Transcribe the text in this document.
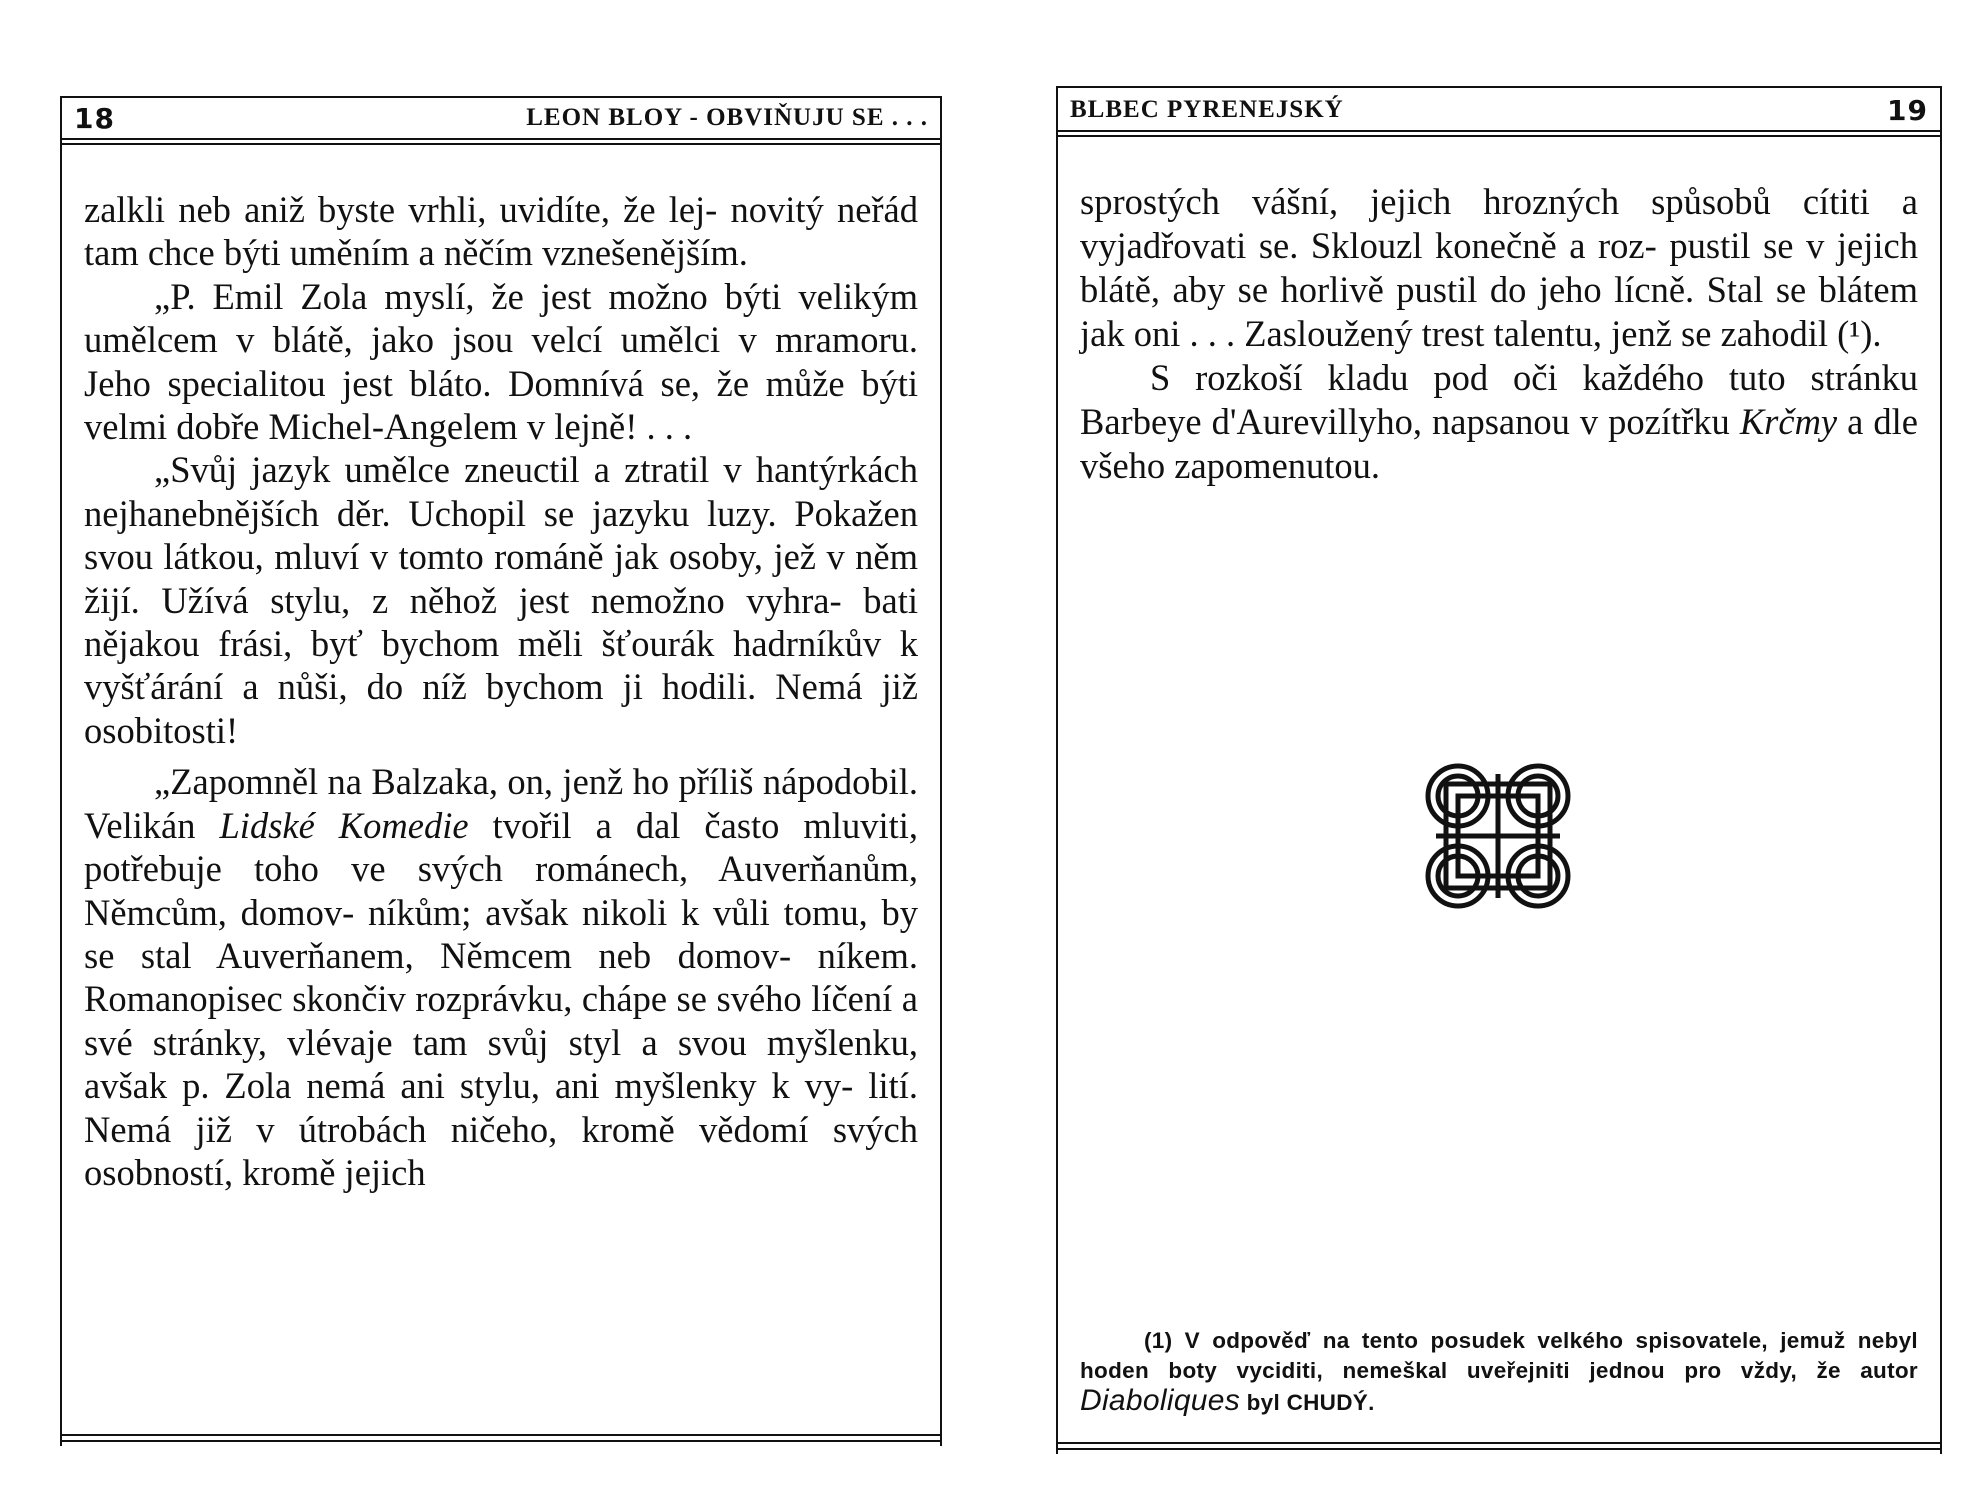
18	LEON BLOY - OBVIŇUJU SE . . .

zalkli neb aniž byste vrhli, uvidíte, že lej- novitý neřád tam chce býti uměním a něčím vznešenějším.

„P. Emil Zola myslí, že jest možno býti velikým umělcem v blátě, jako jsou velcí umělci v mramoru. Jeho specialitou jest bláto. Domnívá se, že může býti velmi dobře Michel-Angelem v lejně! . . .

„Svůj jazyk umělce zneuctil a ztratil v hantýrkách nejhanebnějších děr. Uchopil se jazyku luzy. Pokažen svou látkou, mluví v tomto románě jak osoby, jež v něm žijí. Užívá stylu, z něhož jest nemožno vyhra- bati nějakou frási, byť bychom měli šťourák hadrníkův k vyšťárání a nůši, do níž bychom ji hodili. Nemá již osobitosti!

„Zapomněl na Balzaka, on, jenž ho příliš nápodobil. Velikán Lidské Komedie tvořil a dal často mluviti, potřebuje toho ve svých románech, Auverňanům, Němcům, domov- níkům; avšak nikoli k vůli tomu, by se stal Auverňanem, Němcem neb domov- níkem. Romanopisec skončiv rozprávku, chápe se svého líčení a své stránky, vlévaje tam svůj styl a svou myšlenku, avšak p. Zola nemá ani stylu, ani myšlenky k vy- lití. Nemá již v útrobách ničeho, kromě vědomí svých osobností, kromě jejich

BLBEC PYRENEJSKÝ	19

sprostých vášní, jejich hrozných spůsobů cítiti a vyjadřovati se. Sklouzl konečně a roz- pustil se v jejich blátě, aby se horlivě pustil do jeho lícně. Stal se blátem jak oni . . . Zasloužený trest talentu, jenž se zahodil (¹).

S rozkoší kladu pod oči každého tuto stránku Barbeye d'Aurevillyho, napsanou v pozítřku Krčmy a dle všeho zapomenutou.

(1) V odpověď na tento posudek velkého spisovatele, jemuž nebyl hoden boty vyciditi, nemeškal uveřejniti jednou pro vždy, že autor Diaboliques byl CHUDÝ.
